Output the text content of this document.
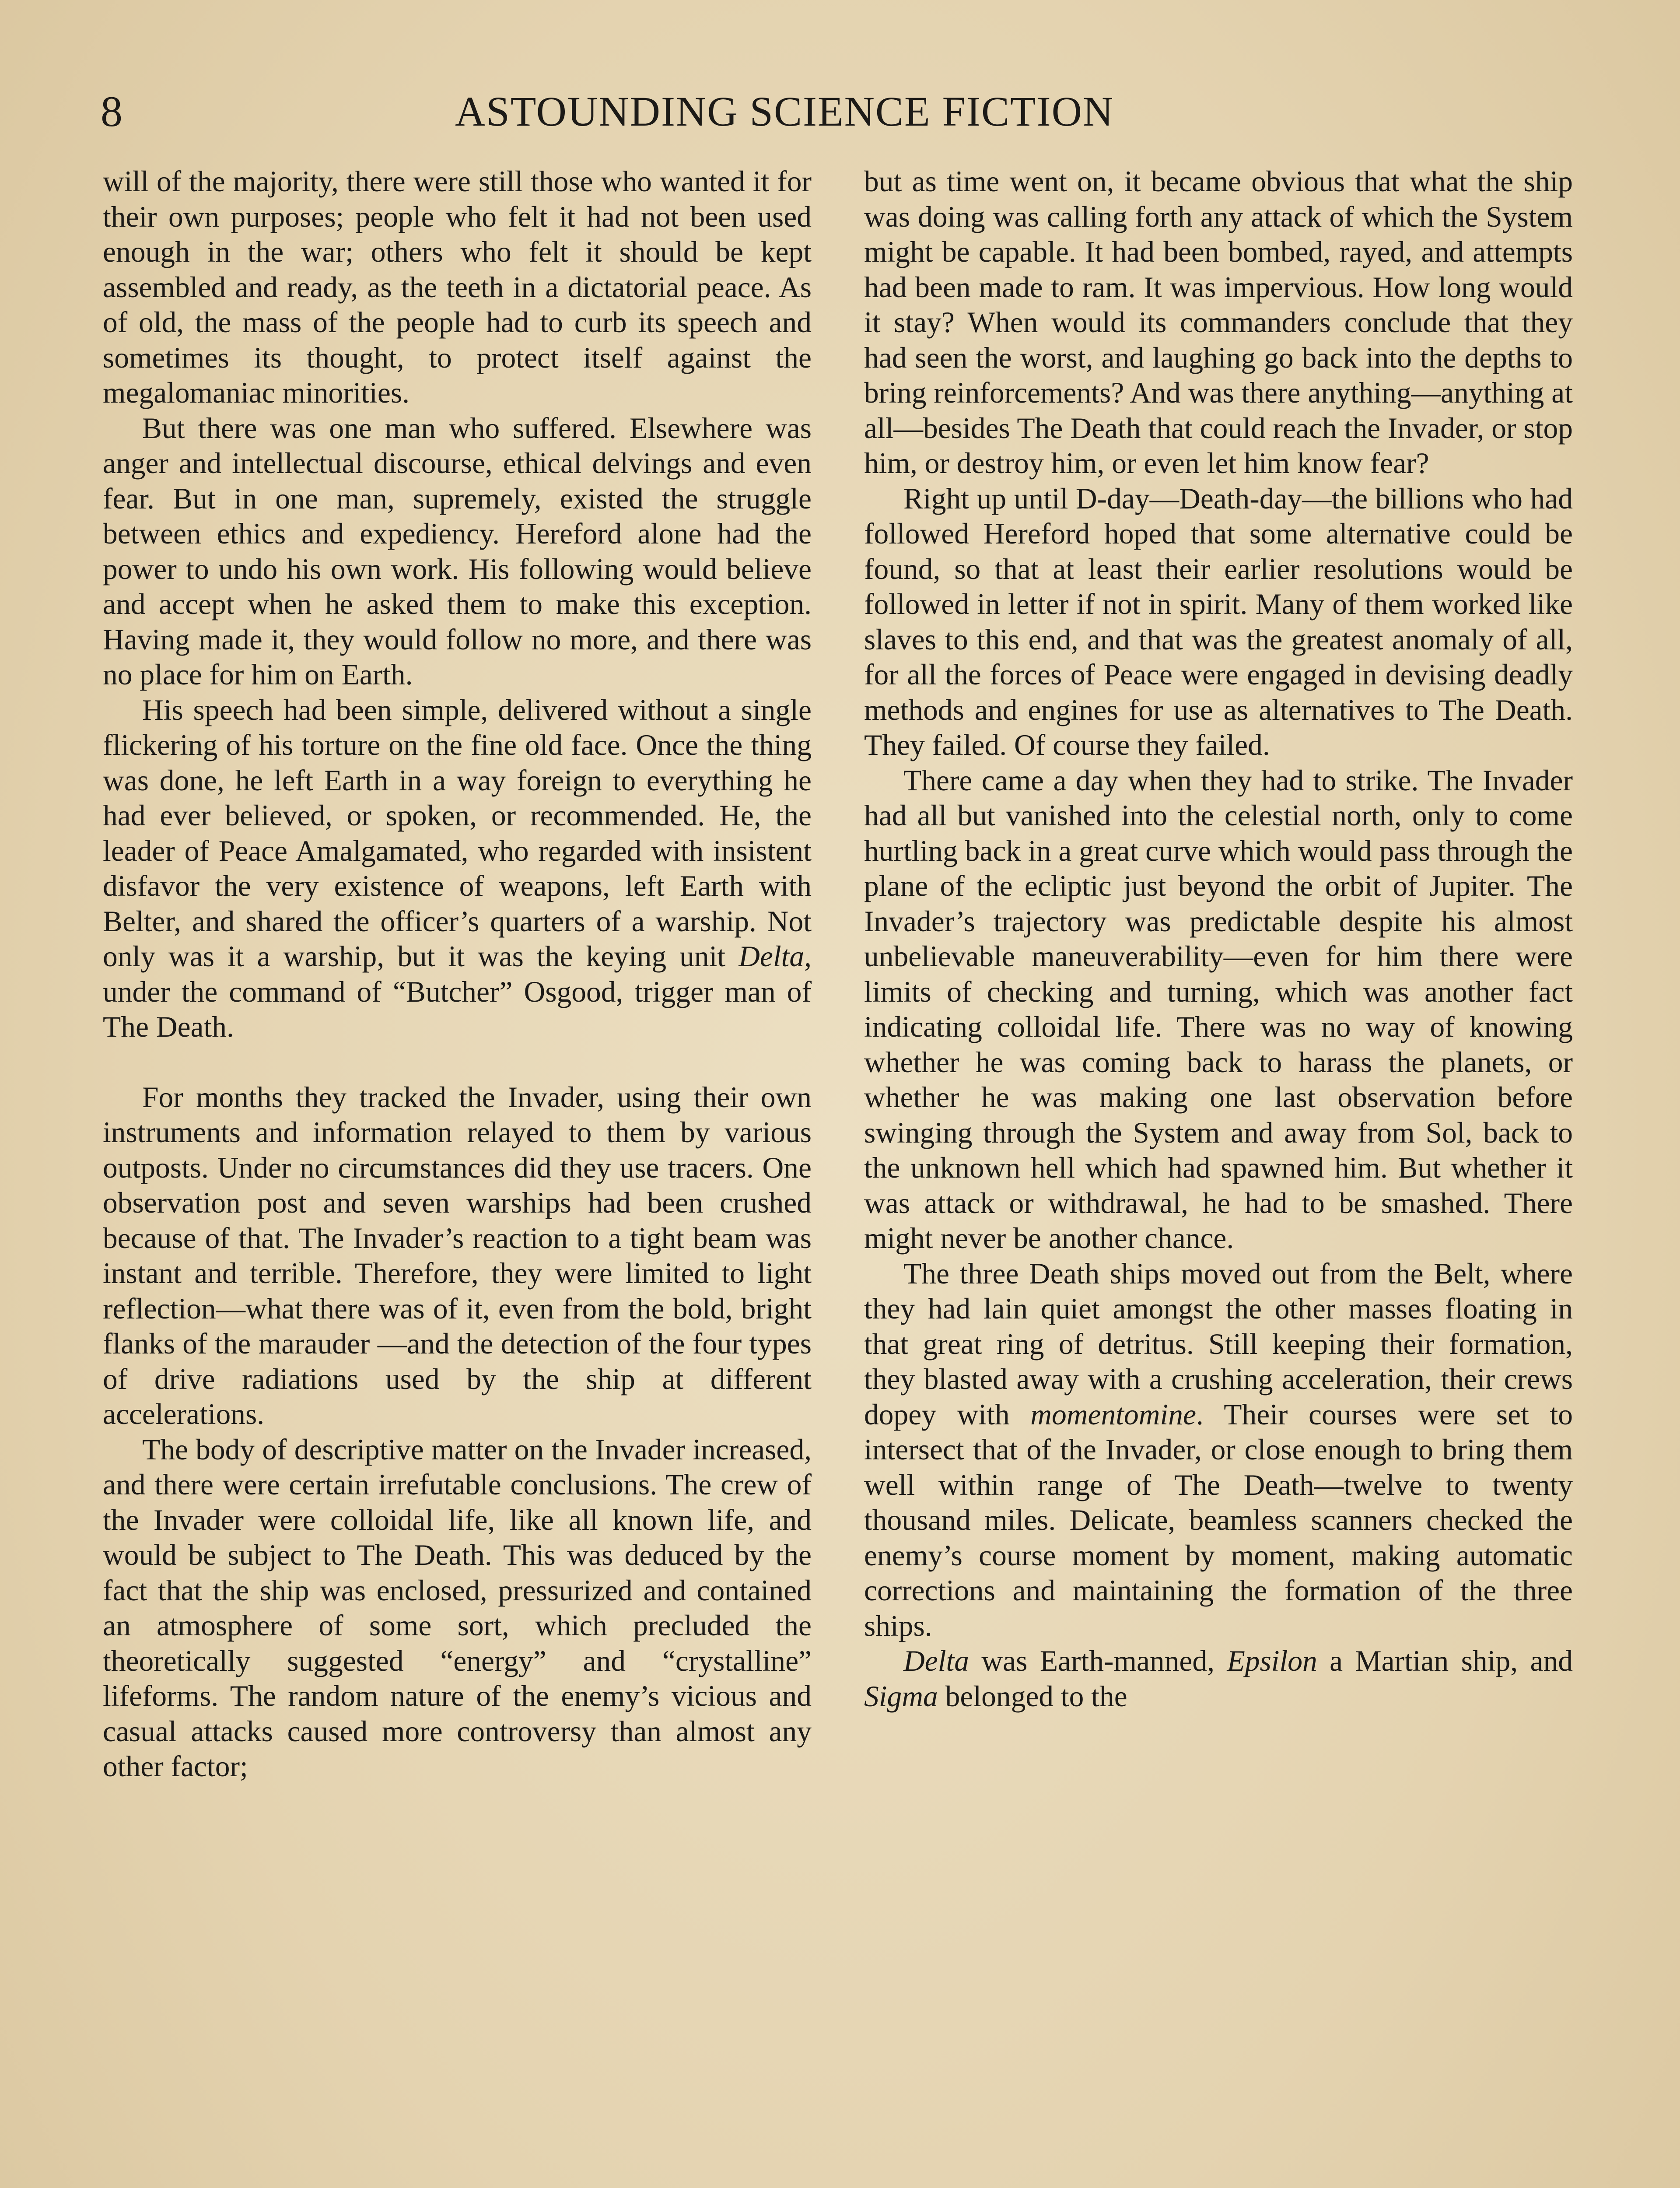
8	ASTOUNDING SCIENCE FICTION

will of the majority, there were still those who wanted it for their own purposes; people who felt it had not been used enough in the war; others who felt it should be kept assembled and ready, as the teeth in a dictatorial peace. As of old, the mass of the people had to curb its speech and sometimes its thought, to protect itself against the megalomaniac minorities.

But there was one man who suffered. Elsewhere was anger and intellectual discourse, ethical delvings and even fear. But in one man, supremely, existed the struggle between ethics and expediency. Hereford alone had the power to undo his own work. His following would believe and accept when he asked them to make this exception. Having made it, they would follow no more, and there was no place for him on Earth.

His speech had been simple, delivered without a single flickering of his torture on the fine old face. Once the thing was done, he left Earth in a way foreign to everything he had ever believed, or spoken, or recommended. He, the leader of Peace Amalgamated, who regarded with insistent disfavor the very existence of weapons, left Earth with Belter, and shared the officer’s quarters of a warship. Not only was it a warship, but it was the keying unit Delta, under the command of “Butcher” Osgood, trigger man of The Death.

For months they tracked the Invader, using their own instruments and information relayed to them by various outposts. Under no circumstances did they use tracers. One observation post and seven warships had been crushed because of that. The Invader’s reaction to a tight beam was instant and terrible. Therefore, they were limited to light reflection—what there was of it, even from the bold, bright flanks of the marauder —and the detection of the four types of drive radiations used by the ship at different accelerations.

The body of descriptive matter on the Invader increased, and there were certain irrefutable conclusions. The crew of the Invader were colloidal life, like all known life, and would be subject to The Death. This was deduced by the fact that the ship was enclosed, pressurized and contained an atmosphere of some sort, which precluded the theoretically suggested “energy” and “crystalline” lifeforms. The random nature of the enemy’s vicious and casual attacks caused more controversy than almost any other factor;

but as time went on, it became obvious that what the ship was doing was calling forth any attack of which the System might be capable. It had been bombed, rayed, and attempts had been made to ram. It was impervious. How long would it stay? When would its commanders conclude that they had seen the worst, and laughing go back into the depths to bring reinforcements? And was there anything—anything at all—besides The Death that could reach the Invader, or stop him, or destroy him, or even let him know fear?

Right up until D-day—Death-day—the billions who had followed Hereford hoped that some alternative could be found, so that at least their earlier resolutions would be followed in letter if not in spirit. Many of them worked like slaves to this end, and that was the greatest anomaly of all, for all the forces of Peace were engaged in devising deadly methods and engines for use as alternatives to The Death. They failed. Of course they failed.

There came a day when they had to strike. The Invader had all but vanished into the celestial north, only to come hurtling back in a great curve which would pass through the plane of the ecliptic just beyond the orbit of Jupiter. The Invader’s trajectory was predictable despite his almost unbelievable maneuverability—even for him there were limits of checking and turning, which was another fact indicating colloidal life. There was no way of knowing whether he was coming back to harass the planets, or whether he was making one last observation before swinging through the System and away from Sol, back to the unknown hell which had spawned him. But whether it was attack or withdrawal, he had to be smashed. There might never be another chance.

The three Death ships moved out from the Belt, where they had lain quiet amongst the other masses floating in that great ring of detritus. Still keeping their formation, they blasted away with a crushing acceleration, their crews dopey with momentomine. Their courses were set to intersect that of the Invader, or close enough to bring them well within range of The Death—twelve to twenty thousand miles. Delicate, beamless scanners checked the enemy’s course moment by moment, making automatic corrections and maintaining the formation of the three ships.

Delta was Earth-manned, Epsilon a Martian ship, and Sigma belonged to the
